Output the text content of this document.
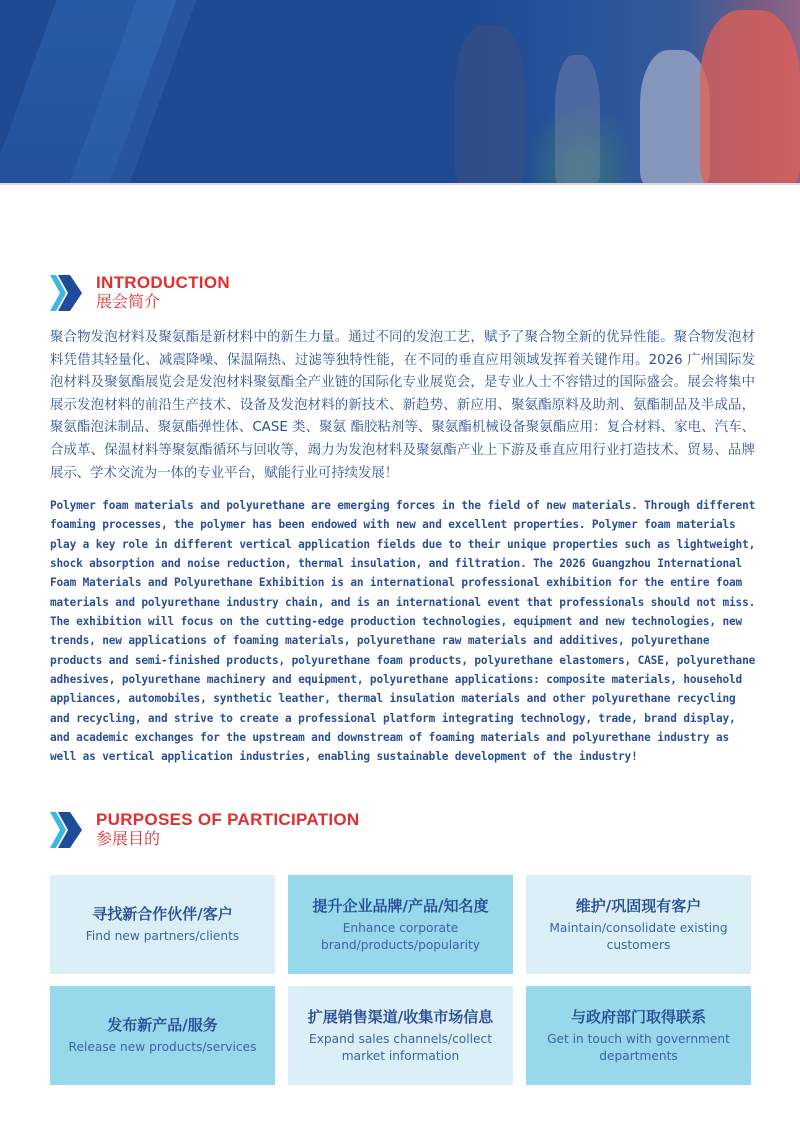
INTRODUCTION
展会简介

聚合物发泡材料及聚氨酯是新材料中的新生力量。通过不同的发泡工艺，赋予了聚合物全新的优异性能。聚合物发泡材料凭借其轻量化、减震降噪、保温隔热、过滤等独特性能，在不同的垂直应用领域发挥着关键作用。2026 广州国际发泡材料及聚氨酯展览会是发泡材料聚氨酯全产业链的国际化专业展览会，是专业人士不容错过的国际盛会。展会将集中展示发泡材料的前沿生产技术、设备及发泡材料的新技术、新趋势、新应用、聚氨酯原料及助剂、氨酯制品及半成品，聚氨酯泡沫制品、聚氨酯弹性体、CASE 类、聚氨 酯胶粘剂等、聚氨酯机械设备聚氨酯应用：复合材料、家电、汽车、合成革、保温材料等聚氨酯循环与回收等，竭力为发泡材料及聚氨酯产业上下游及垂直应用行业打造技术、贸易、品牌展示、学术交流为一体的专业平台，赋能行业可持续发展！

Polymer foam materials and polyurethane are emerging forces in the field of new materials. Through different foaming processes, the polymer has been endowed with new and excellent properties. Polymer foam materials play a key role in different vertical application fields due to their unique properties such as lightweight, shock absorption and noise reduction, thermal insulation, and filtration. The 2026 Guangzhou International Foam Materials and Polyurethane Exhibition is an international professional exhibition for the entire foam materials and polyurethane industry chain, and is an international event that professionals should not miss. The exhibition will focus on the cutting-edge production technologies, equipment and new technologies, new trends, new applications of foaming materials, polyurethane raw materials and additives, polyurethane products and semi-finished products, polyurethane foam products, polyurethane elastomers, CASE, polyurethane adhesives, polyurethane machinery and equipment, polyurethane applications: composite materials, household appliances, automobiles, synthetic leather, thermal insulation materials and other polyurethane recycling and recycling, and strive to create a professional platform integrating technology, trade, brand display, and academic exchanges for the upstream and downstream of foaming materials and polyurethane industry as well as vertical application industries, enabling sustainable development of the industry!

PURPOSES OF PARTICIPATION
参展目的
寻找新合作伙伴/客户
Find new partners/clients
提升企业品牌/产品/知名度
Enhance corporate brand/products/popularity
维护/巩固现有客户
Maintain/consolidate existing customers
发布新产品/服务
Release new products/services
扩展销售渠道/收集市场信息
Expand sales channels/collect market information
与政府部门取得联系
Get in touch with government departments
